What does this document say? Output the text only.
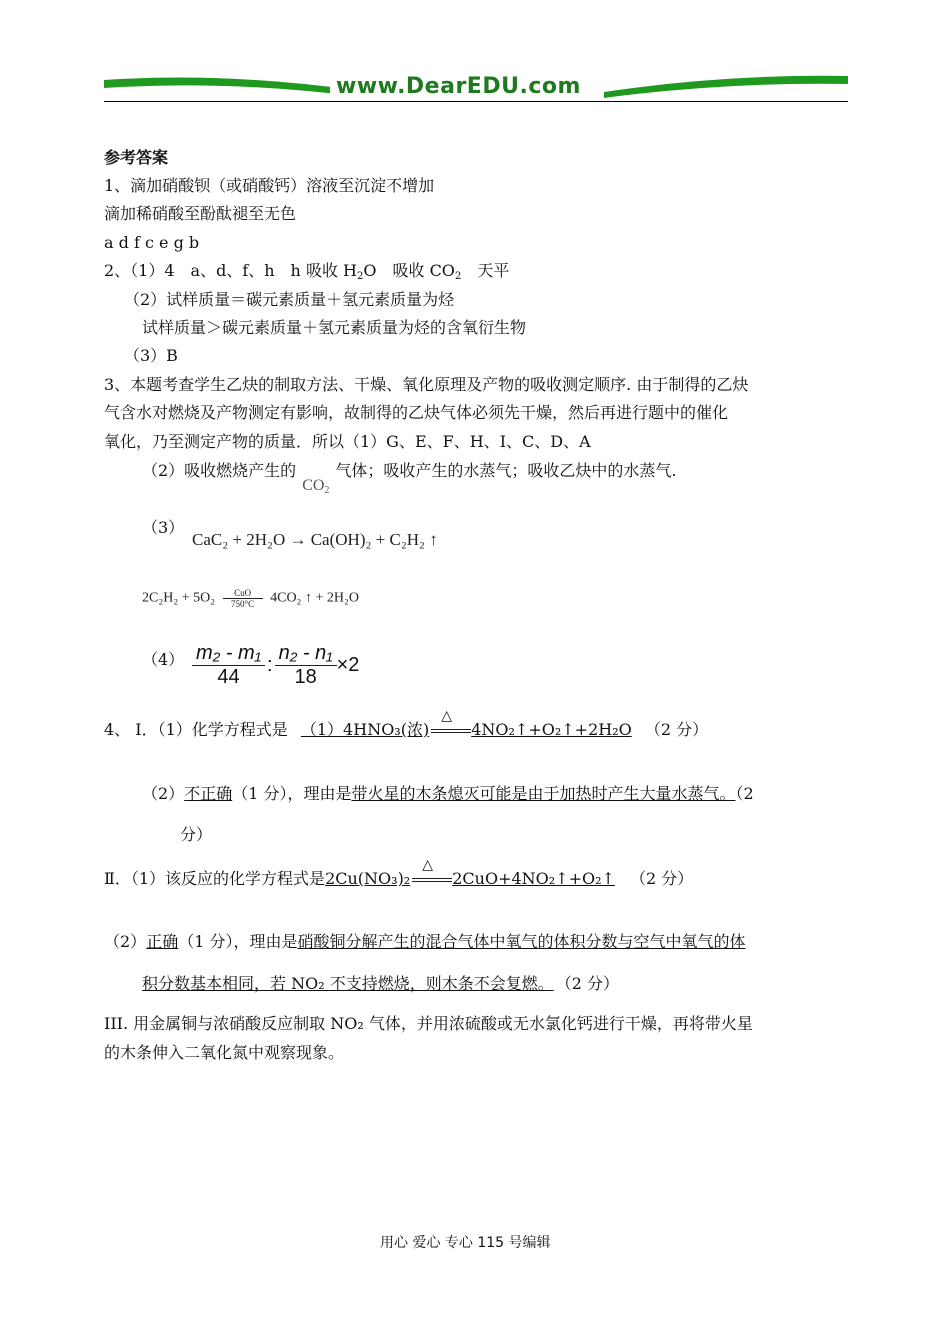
www.DearEDU.com
参考答案
1、滴加硝酸钡（或硝酸钙）溶液至沉淀不增加
滴加稀硝酸至酚酞褪至无色
a d f c e g b
2、（1）4　a、d、f、h　h 吸收 $H_2O$　吸收 $CO_2$　天平
（2）试样质量＝碳元素质量＋氢元素质量为烃
试样质量＞碳元素质量＋氢元素质量为烃的含氧衍生物
（3）B
3、本题考查学生乙炔的制取方法、干燥、氧化原理及产物的吸收测定顺序. 由于制得的乙炔
气含水对燃烧及产物测定有影响，故制得的乙炔气体必须先干燥，然后再进行题中的催化
氧化，乃至测定产物的质量．所以（1）G、E、F、H、I、C、D、A
（2）吸收燃烧产生的$CO_2$气体；吸收产生的水蒸气；吸收乙炔中的水蒸气.
（3）
CaC₂ + 2H₂O → Ca(OH)₂ + C₂H₂ ↑
2C₂H₂ + 5O₂	CuO
750°C	4CO₂ ↑ + 2H₂O
$(4) \frac{\text{m₂ - m₁}}{44}$ : $\frac{\text{n₂ - n₁}}{18} \times 2$
4、 Ⅰ．（1）化学方程式是 （1）4HNO₃(浓)
△
4NO₂↑+O₂↑+2H₂O （2 分）
（2）不正确（1 分），理由是带火星的木条熄灭可能是由于加热时产生大量水蒸气。（2
分）
Ⅱ．（1）该反应的化学方程式是2Cu(NO₃)₂
△
2CuO+4NO₂↑+O₂↑ （2 分）
（2）正确（1 分），理由是硝酸铜分解产生的混合气体中氧气的体积分数与空气中氧气的体
积分数基本相同，若 NO₂ 不支持燃烧，则木条不会复燃。 （2 分）
III. 用金属铜与浓硝酸反应制取 NO₂ 气体，并用浓硫酸或无水氯化钙进行干燥，再将带火星
的木条伸入二氧化氮中观察现象。
用心 爱心 专心 115 号编辑
